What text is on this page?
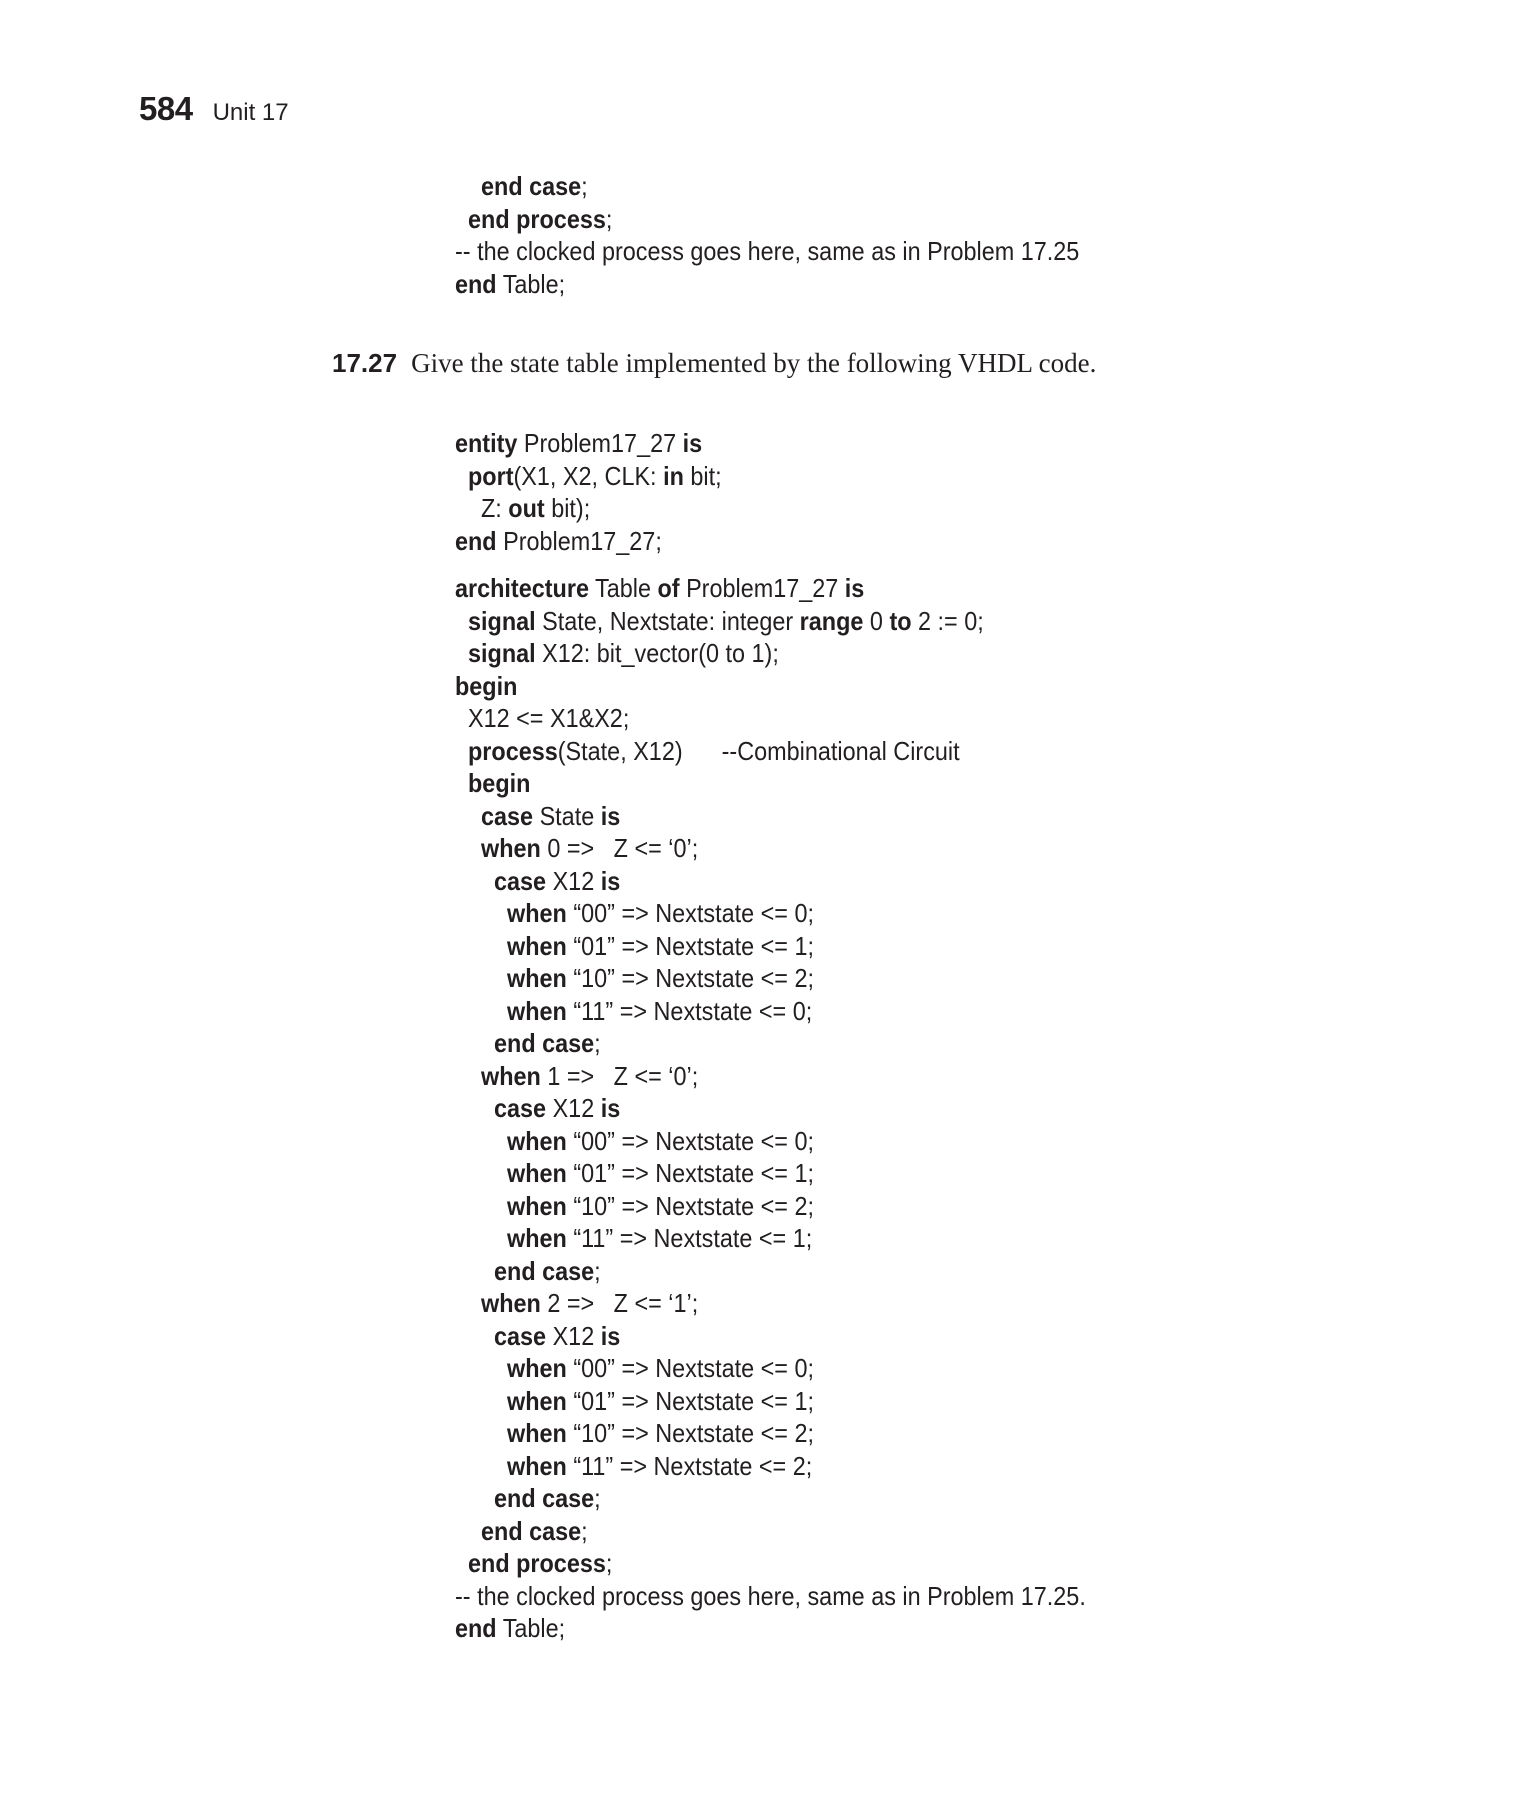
584 Unit 17
end case;
end process;
-- the clocked process goes here, same as in Problem 17.25
end Table;
17.27 Give the state table implemented by the following VHDL code.
entity Problem17_27 is
port(X1, X2, CLK: in bit;
Z: out bit);
end Problem17_27;
architecture Table of Problem17_27 is
signal State, Nextstate: integer range 0 to 2 := 0;
signal X12: bit_vector(0 to 1);
begin
X12 <= X1&X2;
process(State, X12)      --Combinational Circuit
begin
case State is
when 0 =>   Z <= ‘0’;
case X12 is
when “00” => Nextstate <= 0;
when “01” => Nextstate <= 1;
when “10” => Nextstate <= 2;
when “11” => Nextstate <= 0;
end case;
when 1 =>   Z <= ‘0’;
case X12 is
when “00” => Nextstate <= 0;
when “01” => Nextstate <= 1;
when “10” => Nextstate <= 2;
when “11” => Nextstate <= 1;
end case;
when 2 =>   Z <= ‘1’;
case X12 is
when “00” => Nextstate <= 0;
when “01” => Nextstate <= 1;
when “10” => Nextstate <= 2;
when “11” => Nextstate <= 2;
end case;
end case;
end process;
-- the clocked process goes here, same as in Problem 17.25.
end Table;
